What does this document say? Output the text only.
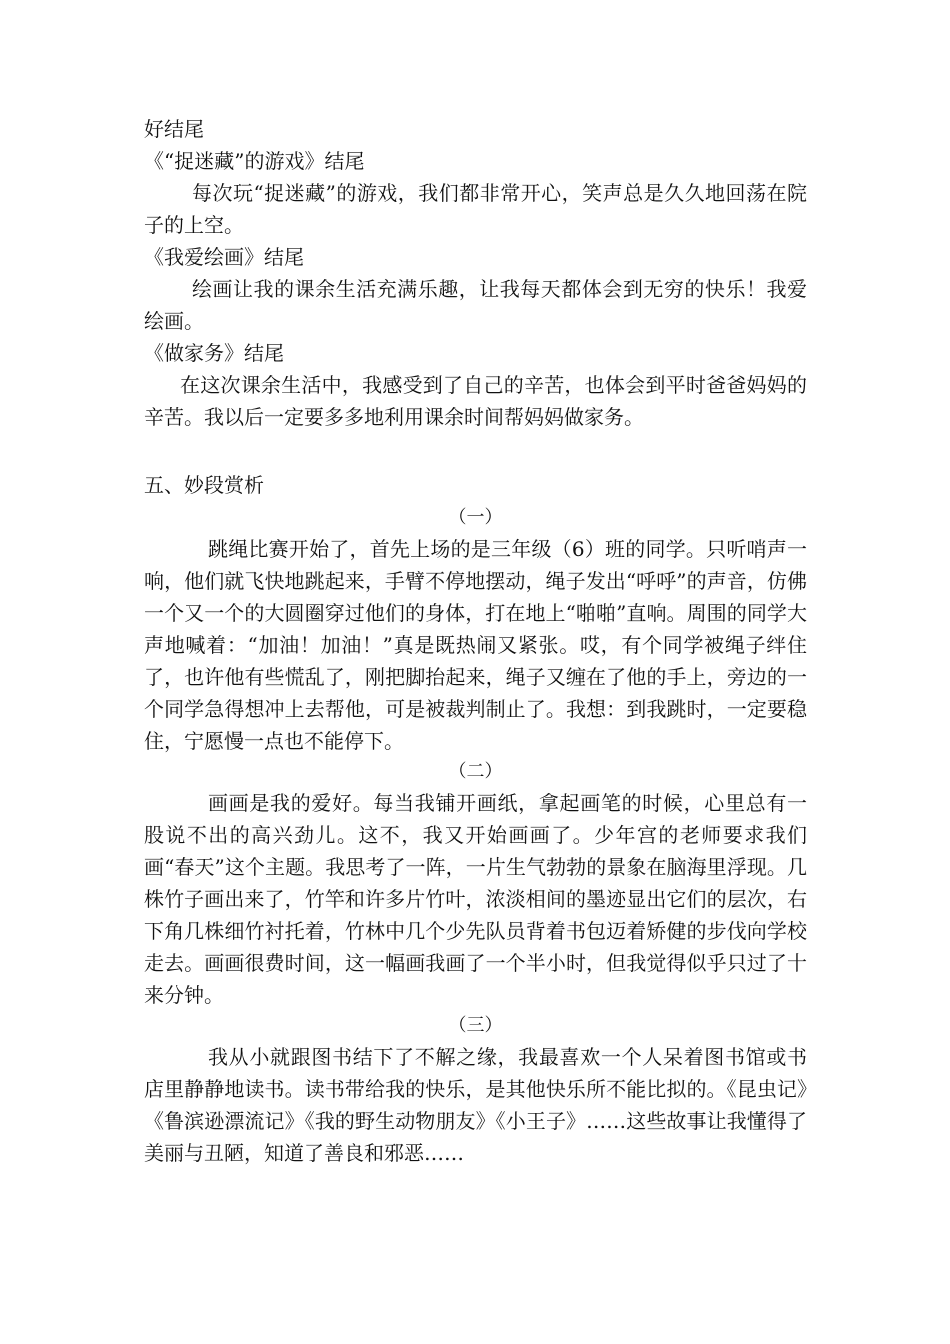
好结尾

《“捉迷藏”的游戏》结尾

每次玩“捉迷藏”的游戏，我们都非常开心，笑声总是久久地回荡在院子的上空。

《我爱绘画》结尾

绘画让我的课余生活充满乐趣，让我每天都体会到无穷的快乐！我爱绘画。

《做家务》结尾

在这次课余生活中，我感受到了自己的辛苦，也体会到平时爸爸妈妈的辛苦。我以后一定要多多地利用课余时间帮妈妈做家务。

五、妙段赏析

（一）

跳绳比赛开始了，首先上场的是三年级（6）班的同学。只听哨声一响，他们就飞快地跳起来，手臂不停地摆动，绳子发出“呼呼”的声音，仿佛一个又一个的大圆圈穿过他们的身体，打在地上“啪啪”直响。周围的同学大声地喊着：“加油！加油！”真是既热闹又紧张。哎，有个同学被绳子绊住了，也许他有些慌乱了，刚把脚抬起来，绳子又缠在了他的手上，旁边的一个同学急得想冲上去帮他，可是被裁判制止了。我想：到我跳时，一定要稳住，宁愿慢一点也不能停下。

（二）

画画是我的爱好。每当我铺开画纸，拿起画笔的时候，心里总有一股说不出的高兴劲儿。这不，我又开始画画了。少年宫的老师要求我们画“春天”这个主题。我思考了一阵，一片生气勃勃的景象在脑海里浮现。几株竹子画出来了，竹竿和许多片竹叶，浓淡相间的墨迹显出它们的层次，右下角几株细竹衬托着，竹林中几个少先队员背着书包迈着矫健的步伐向学校走去。画画很费时间，这一幅画我画了一个半小时，但我觉得似乎只过了十来分钟。

（三）

我从小就跟图书结下了不解之缘，我最喜欢一个人呆着图书馆或书店里静静地读书。读书带给我的快乐，是其他快乐所不能比拟的。《昆虫记》《鲁滨逊漂流记》《我的野生动物朋友》《小王子》……这些故事让我懂得了美丽与丑陋，知道了善良和邪恶……
